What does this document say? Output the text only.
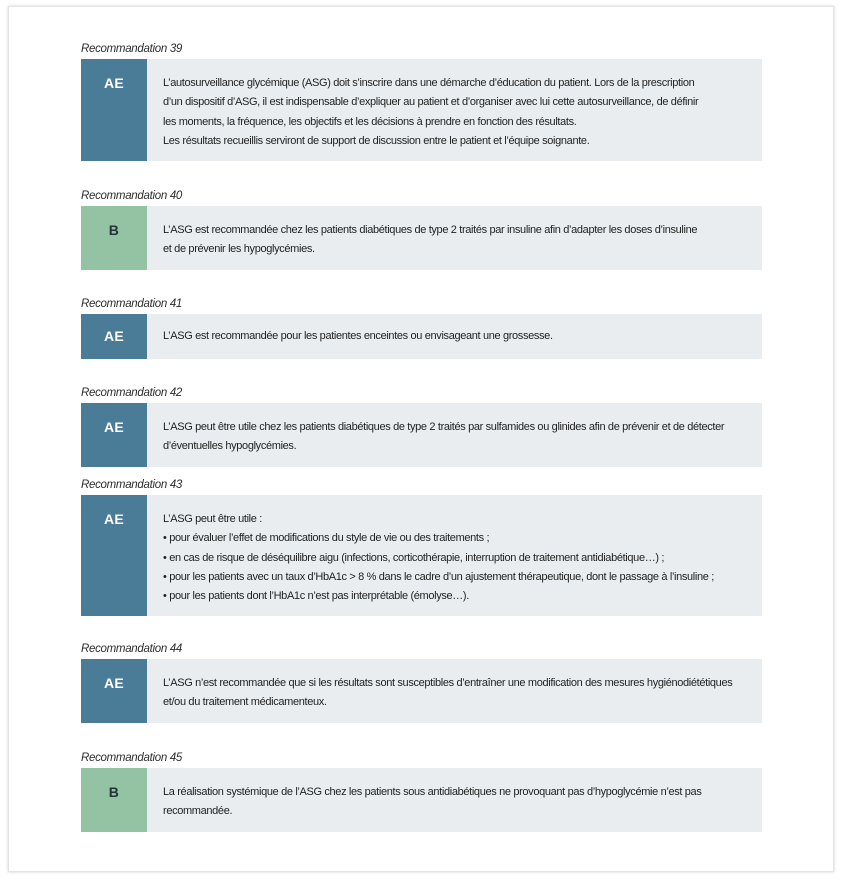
Recommandation 39
AE	L’autosurveillance glycémique (ASG) doit s’inscrire dans une démarche d’éducation du patient. Lors de la prescription
d’un dispositif d’ASG, il est indispensable d’expliquer au patient et d’organiser avec lui cette autosurveillance, de définir
les moments, la fréquence, les objectifs et les décisions à prendre en fonction des résultats.
Les résultats recueillis serviront de support de discussion entre le patient et l’équipe soignante.
Recommandation 40
B	L’ASG est recommandée chez les patients diabétiques de type 2 traités par insuline afin d’adapter les doses d’insuline
et de prévenir les hypoglycémies.
Recommandation 41
AE	L’ASG est recommandée pour les patientes enceintes ou envisageant une grossesse.
Recommandation 42
AE	L’ASG peut être utile chez les patients diabétiques de type 2 traités par sulfamides ou glinides afin de prévenir et de détecter
d’éventuelles hypoglycémies.
Recommandation 43
AE	L’ASG peut être utile :
• pour évaluer l’effet de modifications du style de vie ou des traitements ;
• en cas de risque de déséquilibre aigu (infections, corticothérapie, interruption de traitement antidiabétique…) ;
• pour les patients avec un taux d’HbA1c > 8 % dans le cadre d’un ajustement thérapeutique, dont le passage à l’insuline ;
• pour les patients dont l’HbA1c n’est pas interprétable (émolyse…).
Recommandation 44
AE	L’ASG n’est recommandée que si les résultats sont susceptibles d’entraîner une modification des mesures hygiénodiététiques
et/ou du traitement médicamenteux.
Recommandation 45
B	La réalisation systémique de l’ASG chez les patients sous antidiabétiques ne provoquant pas d’hypoglycémie n’est pas
recommandée.
